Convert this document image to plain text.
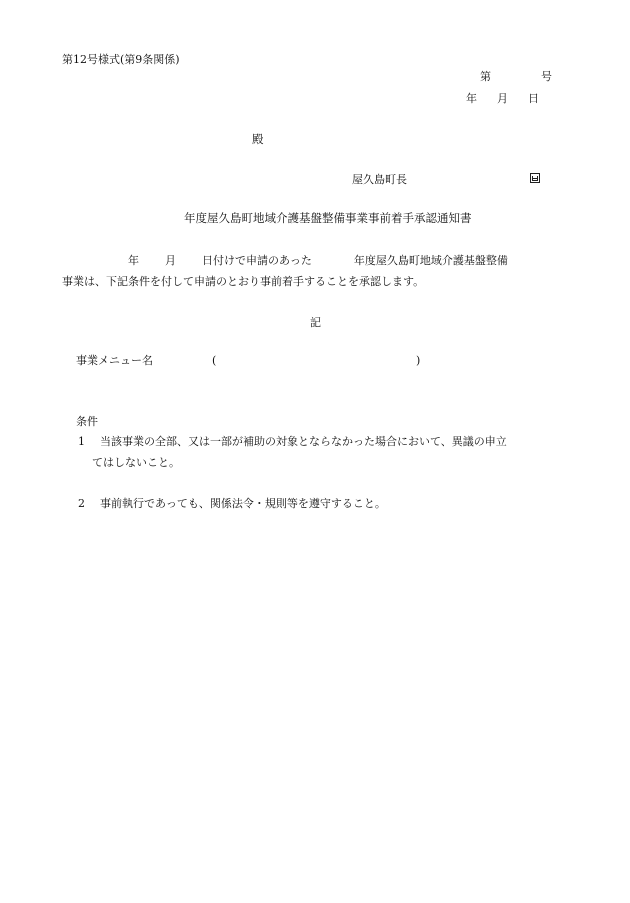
第12号様式(第9条関係)
第	号
年 月 日
殿
屋久島町長
年度屋久島町地域介護基盤整備事業事前着手承認通知書
年 月 日付けで申請のあった	年度屋久島町地域介護基盤整備
事業は、下記条件を付して申請のとおり事前着手することを承認します。
記
事業メニュー名	(	)
条件
1 当該事業の全部、又は一部が補助の対象とならなかった場合において、異議の申立
てはしないこと。
2 事前執行であっても、関係法令・規則等を遵守すること。
